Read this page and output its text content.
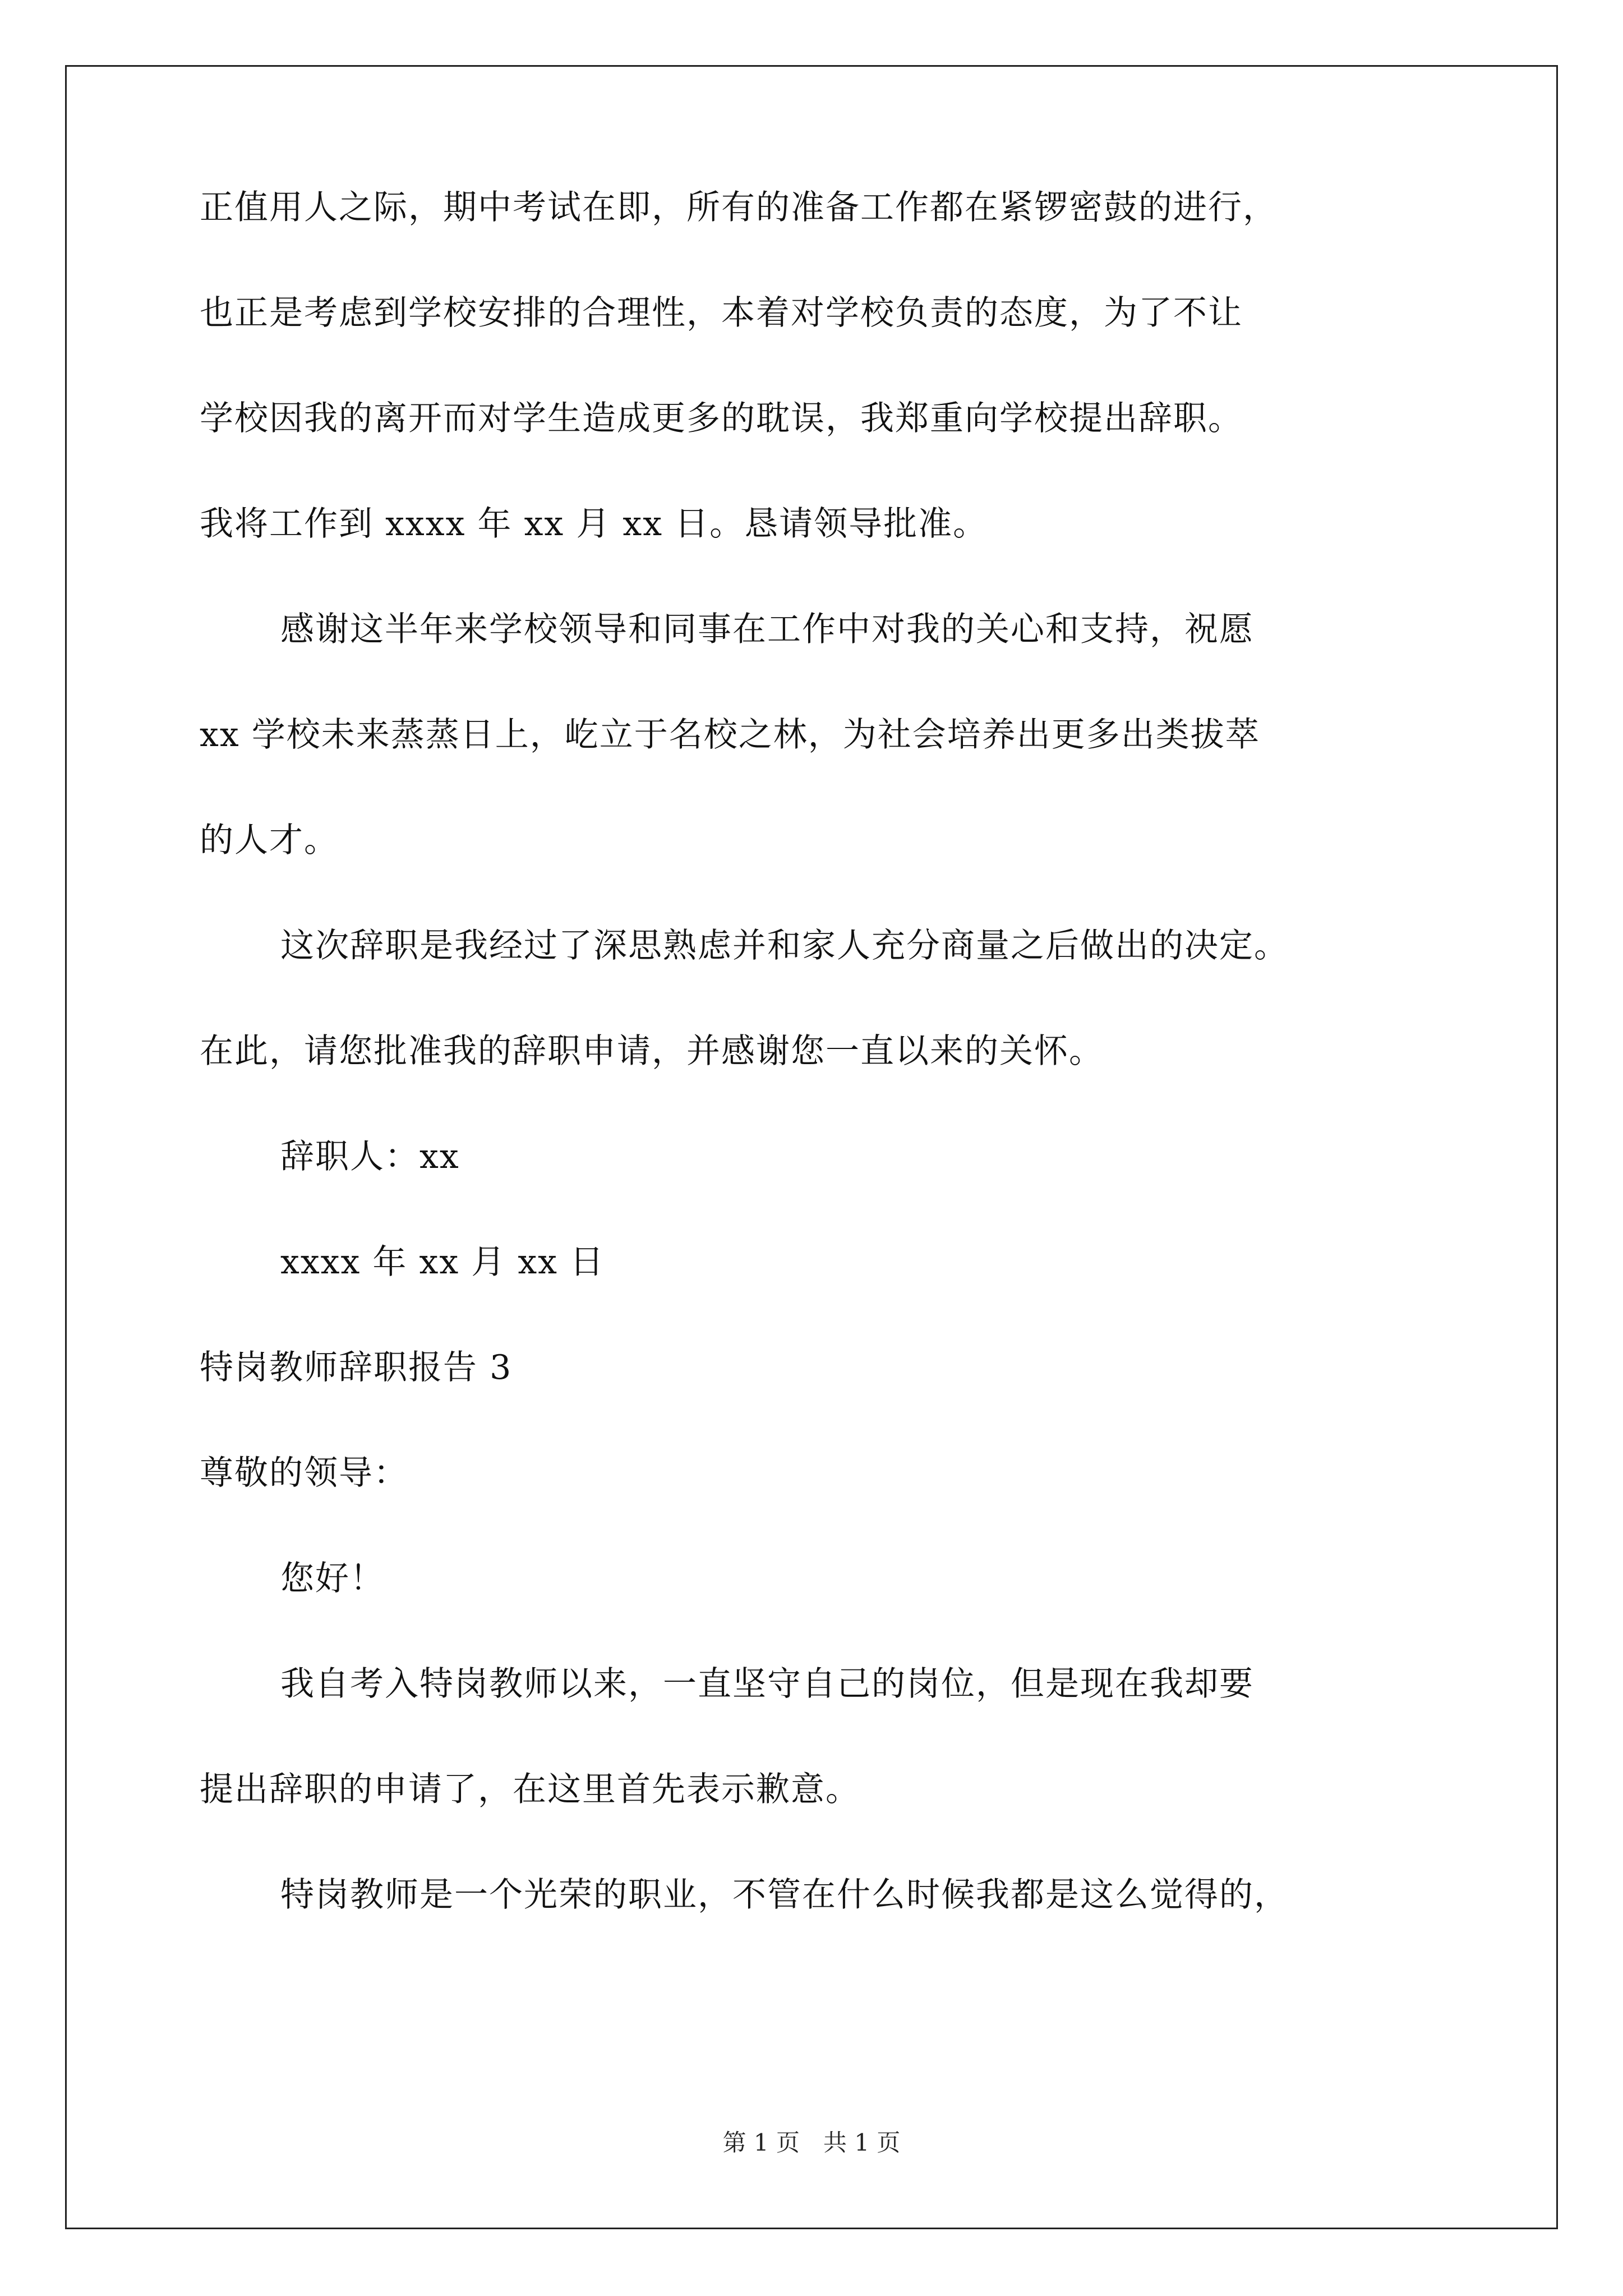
正值用人之际，期中考试在即，所有的准备工作都在紧锣密鼓的进行，
也正是考虑到学校安排的合理性，本着对学校负责的态度，为了不让
学校因我的离开而对学生造成更多的耽误，我郑重向学校提出辞职。
我将工作到 xxxx 年 xx 月 xx 日。恳请领导批准。
感谢这半年来学校领导和同事在工作中对我的关心和支持，祝愿
xx 学校未来蒸蒸日上，屹立于名校之林，为社会培养出更多出类拔萃
的人才。
这次辞职是我经过了深思熟虑并和家人充分商量之后做出的决定。
在此，请您批准我的辞职申请，并感谢您一直以来的关怀。
辞职人：xx
xxxx 年 xx 月 xx 日
特岗教师辞职报告 3
尊敬的领导：
您好！
我自考入特岗教师以来，一直坚守自己的岗位，但是现在我却要
提出辞职的申请了，在这里首先表示歉意。
特岗教师是一个光荣的职业，不管在什么时候我都是这么觉得的，
第 1 页　共 1 页
